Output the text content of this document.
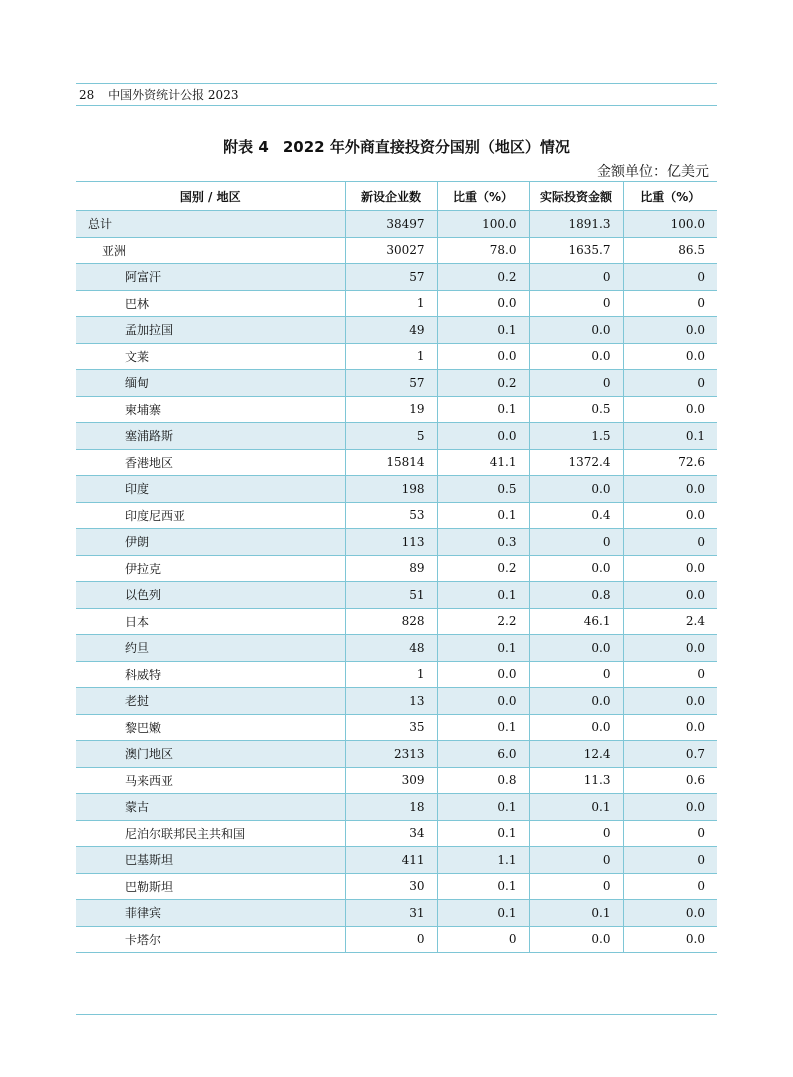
28 中国外资统计公报 2023
附表 4 2022 年外商直接投资分国别（地区）情况
金额单位：亿美元
国别 / 地区	新设企业数	比重（%）	实际投资金额	比重（%）
总计	38497	100.0	1891.3	100.0
亚洲	30027	78.0	1635.7	86.5
阿富汗	57	0.2	0	0
巴林	1	0.0	0	0
孟加拉国	49	0.1	0.0	0.0
文莱	1	0.0	0.0	0.0
缅甸	57	0.2	0	0
柬埔寨	19	0.1	0.5	0.0
塞浦路斯	5	0.0	1.5	0.1
香港地区	15814	41.1	1372.4	72.6
印度	198	0.5	0.0	0.0
印度尼西亚	53	0.1	0.4	0.0
伊朗	113	0.3	0	0
伊拉克	89	0.2	0.0	0.0
以色列	51	0.1	0.8	0.0
日本	828	2.2	46.1	2.4
约旦	48	0.1	0.0	0.0
科威特	1	0.0	0	0
老挝	13	0.0	0.0	0.0
黎巴嫩	35	0.1	0.0	0.0
澳门地区	2313	6.0	12.4	0.7
马来西亚	309	0.8	11.3	0.6
蒙古	18	0.1	0.1	0.0
尼泊尔联邦民主共和国	34	0.1	0	0
巴基斯坦	411	1.1	0	0
巴勒斯坦	30	0.1	0	0
菲律宾	31	0.1	0.1	0.0
卡塔尔	0	0	0.0	0.0
